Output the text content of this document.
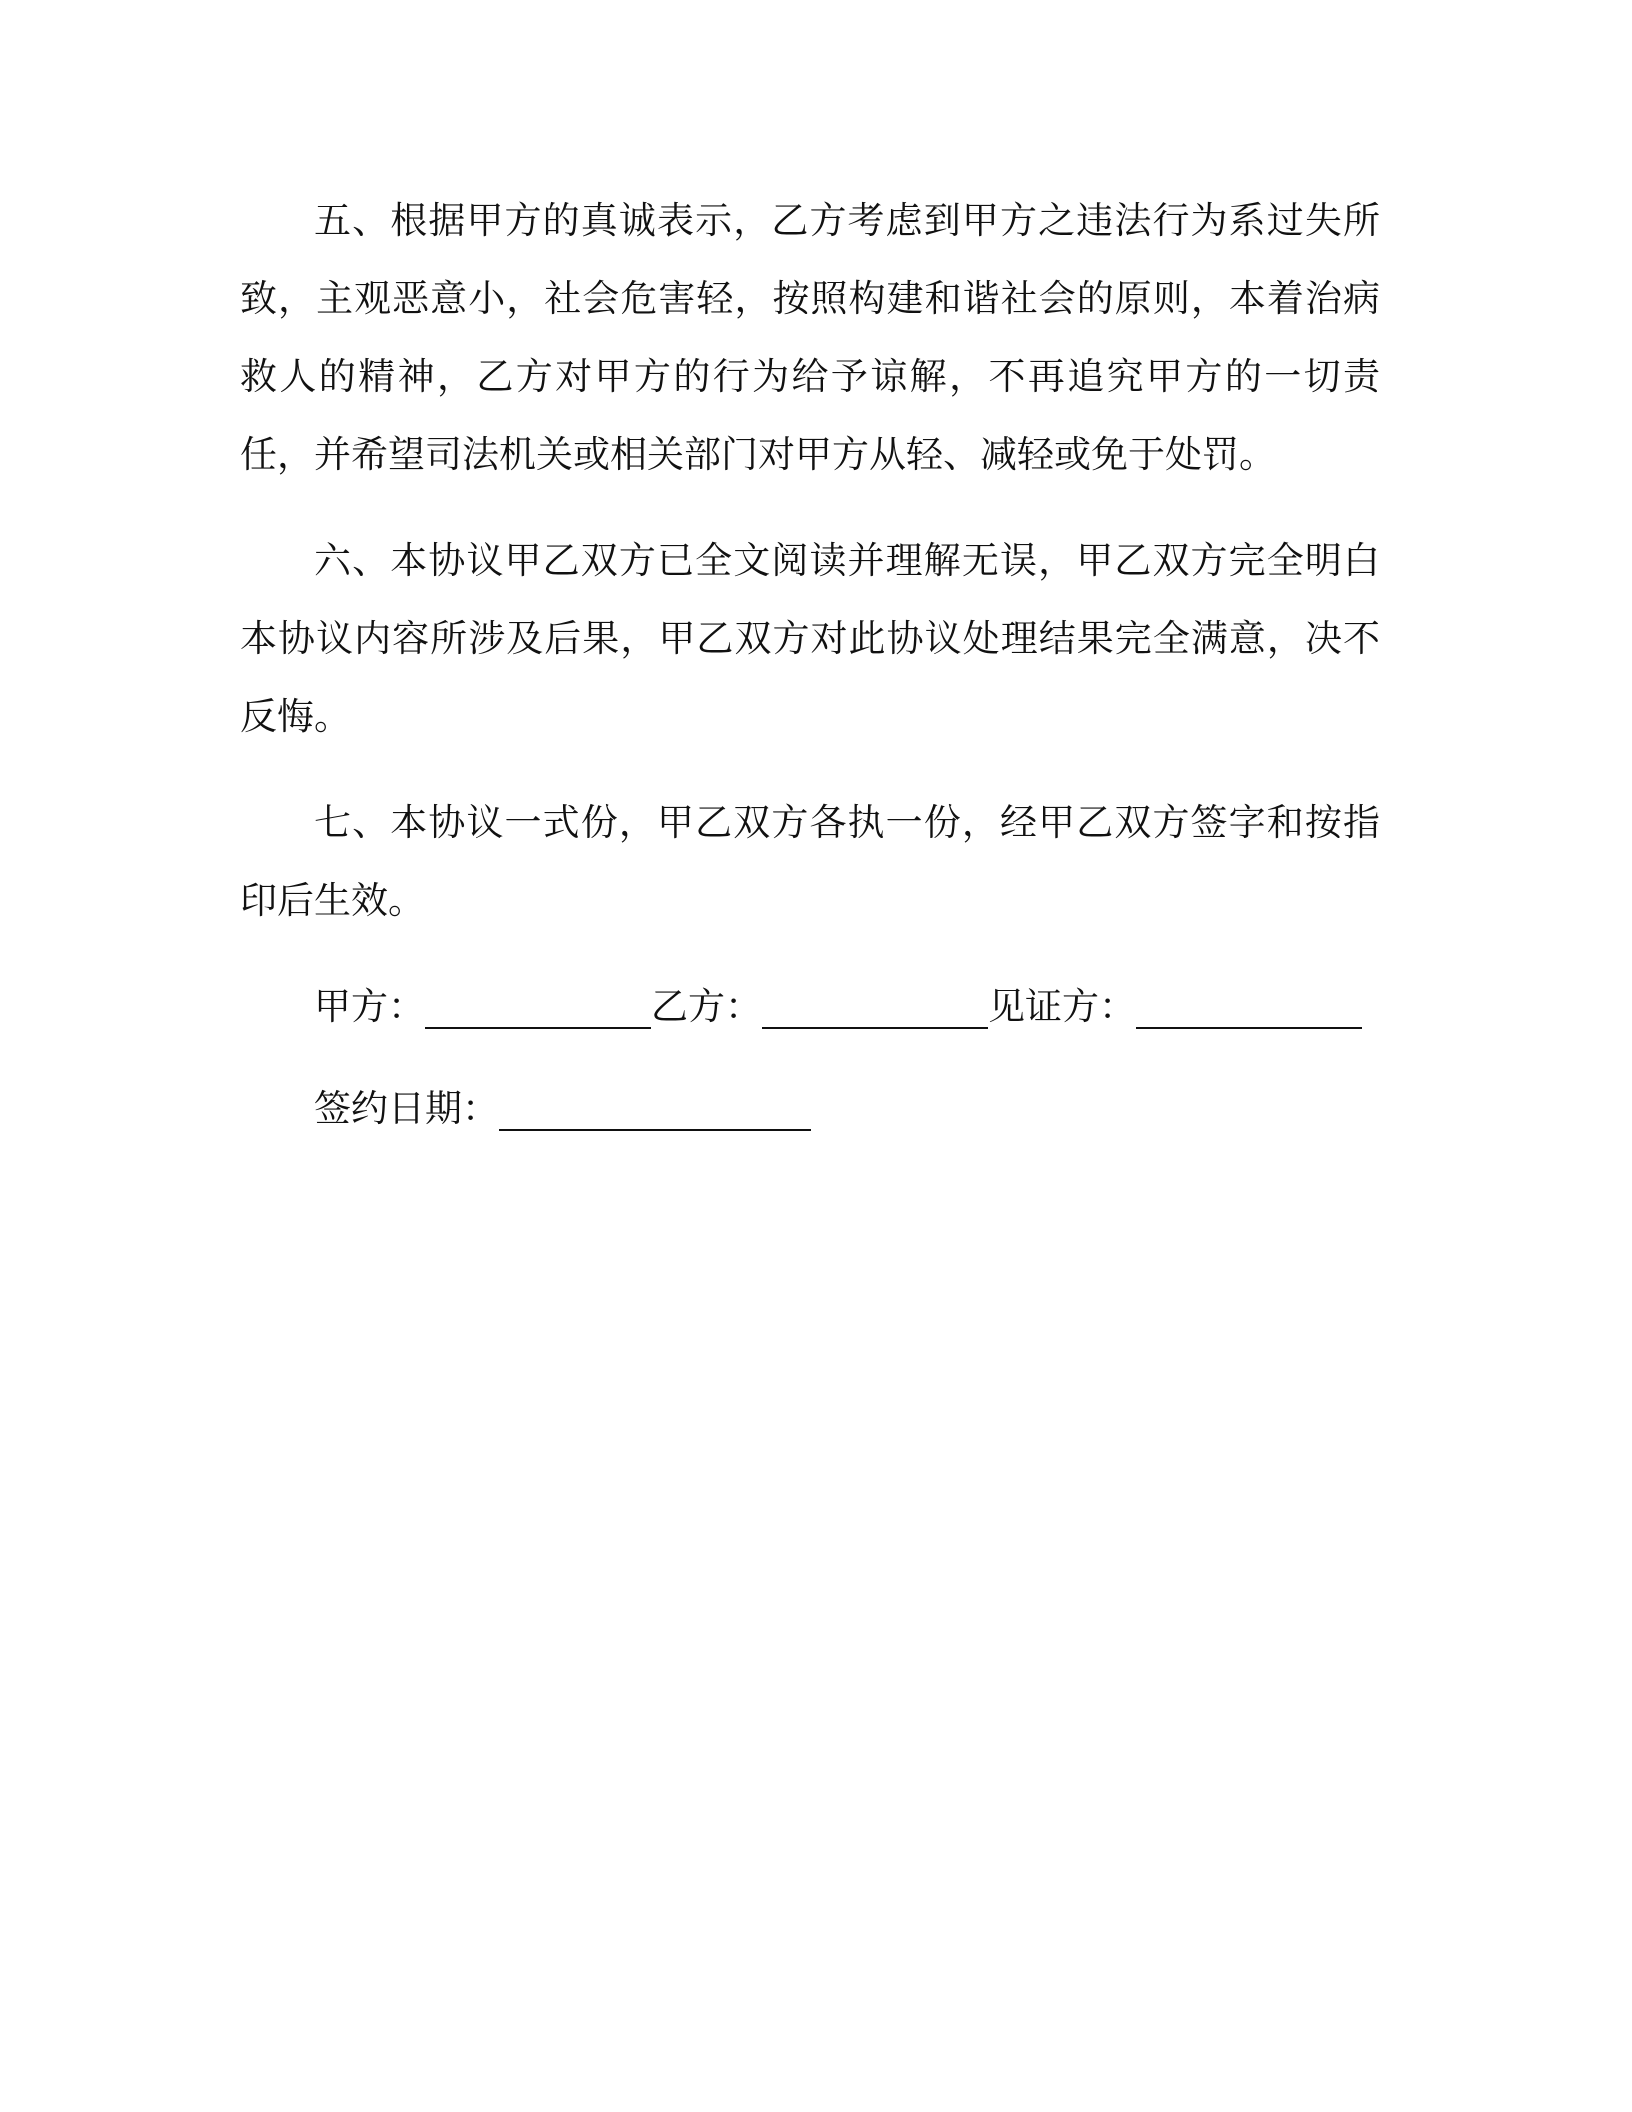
五、根据甲方的真诚表示，乙方考虑到甲方之违法行为系过失所致，主观恶意小，社会危害轻，按照构建和谐社会的原则，本着治病救人的精神，乙方对甲方的行为给予谅解，不再追究甲方的一切责任，并希望司法机关或相关部门对甲方从轻、减轻或免于处罚。

六、本协议甲乙双方已全文阅读并理解无误，甲乙双方完全明白本协议内容所涉及后果，甲乙双方对此协议处理结果完全满意，决不反悔。

七、本协议一式份，甲乙双方各执一份，经甲乙双方签字和按指印后生效。

甲方：	乙方：	见证方：
签约日期：
